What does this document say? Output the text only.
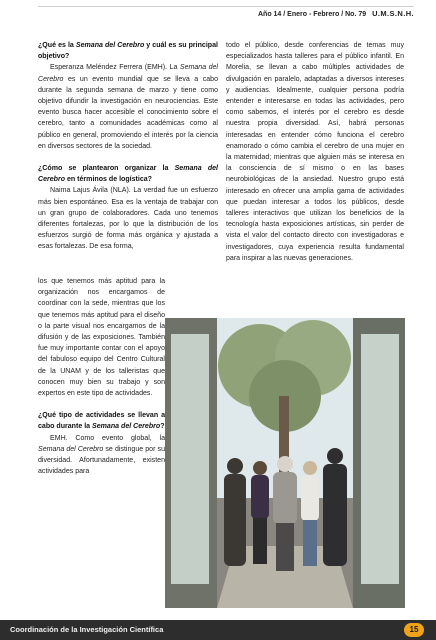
Año 14 / Enero - Febrero / No. 79 U.M.S.N.H.

¿Qué es la Semana del Cerebro y cuál es su principal objetivo?

Esperanza Meléndez Ferrera (EMH). La Semana del Cerebro es un evento mundial que se lleva a cabo durante la segunda semana de marzo y tiene como objetivo difundir la investigación en neurociencias. Este evento busca hacer accesible el conocimiento sobre el cerebro, tanto a comunidades académicas como al público en general, promoviendo el interés por la ciencia en diversos sectores de la sociedad.

¿Cómo se plantearon organizar la Semana del Cerebro en términos de logística?

Naima Lajus Ávila (NLA). La verdad fue un esfuerzo más bien espontáneo. Esa es la ventaja de trabajar con un gran grupo de colaboradores. Cada uno tenemos diferentes fortalezas, por lo que la distribución de los esfuerzos surgió de forma más orgánica y ajustada a esas fortalezas. De esa forma,

los que tenemos más aptitud para la organización nos encargamos de coordinar con la sede, mientras que los que tenemos más aptitud para el diseño o la parte visual nos encargamos de la difusión y de las exposiciones. También fue muy importante contar con el apoyo del fabuloso equipo del Centro Cultural de la UNAM y de los talleristas que conocen muy bien su trabajo y son expertos en este tipo de actividades.

¿Qué tipo de actividades se llevan a cabo durante la Semana del Cerebro?

EMH. Como evento global, la Semana del Cerebro se distingue por su diversidad. Afortunadamente, existen actividades para

todo el público, desde conferencias de temas muy especializados hasta talleres para el público infantil. En Morelia, se llevan a cabo múltiples actividades de divulgación en paralelo, adaptadas a diversos intereses y audiencias. Idealmente, cualquier persona podría entender e interesarse en todas las actividades, pero como sabemos, el interés por el cerebro es desde nuestra propia diversidad. Así, habrá personas interesadas en entender cómo funciona el cerebro enamorado o cómo cambia el cerebro de una mujer en la maternidad; mientras que alguien más se interesa en la consciencia de sí mismo o en las bases neurobiológicas de la ansiedad. Nuestro grupo está interesado en ofrecer una amplia gama de actividades que puedan interesar a todos los públicos, desde talleres interactivos que utilizan los beneficios de la tecnología hasta exposiciones artísticas, sin perder de vista el valor del contacto directo con investigadoras e investigadores, cuya experiencia resulta fundamental para inspirar a las nuevas generaciones.

Coordinación de la Investigación Científica	15
